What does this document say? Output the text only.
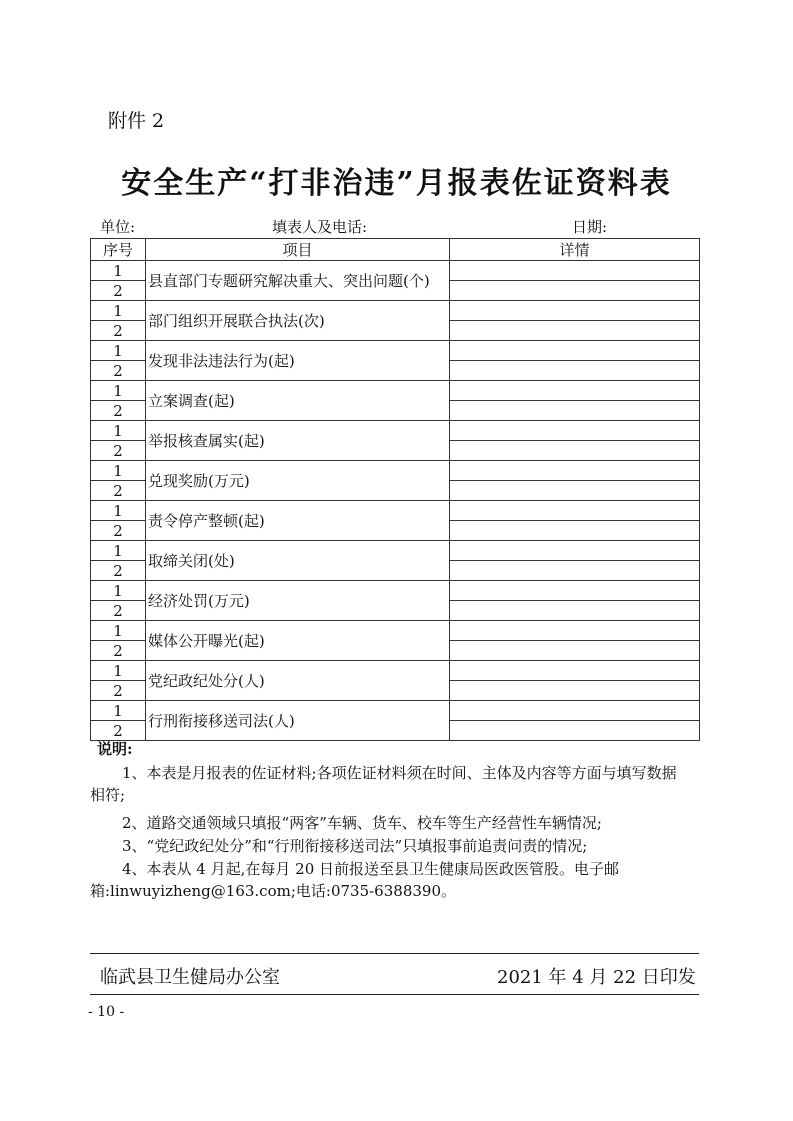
附件 2
安全生产“打非治违”月报表佐证资料表
单位:	填表人及电话:	日期:
序号	项目	详情
1	县直部门专题研究解决重大、突出问题(个)	
2		
1	部门组织开展联合执法(次)	
2		
1	发现非法违法行为(起)	
2		
1	立案调查(起)	
2		
1	举报核查属实(起)	
2		
1	兑现奖励(万元)	
2		
1	责令停产整顿(起)	
2		
1	取缔关闭(处)	
2		
1	经济处罚(万元)	
2		
1	媒体公开曝光(起)	
2		
1	党纪政纪处分(人)	
2		
1	行刑衔接移送司法(人)	
2		
说明:
1、本表是月报表的佐证材料;各项佐证材料须在时间、主体及内容等方面与填写数据相符;
2、道路交通领域只填报“两客”车辆、货车、校车等生产经营性车辆情况;
3、“党纪政纪处分”和“行刑衔接移送司法”只填报事前追责问责的情况;
4、本表从 4 月起,在每月 20 日前报送至县卫生健康局医政医管股。电子邮箱:linwuyizheng@163.com;电话:0735-6388390。
临武县卫生健局办公室	2021 年 4 月 22 日印发
- 10 -
